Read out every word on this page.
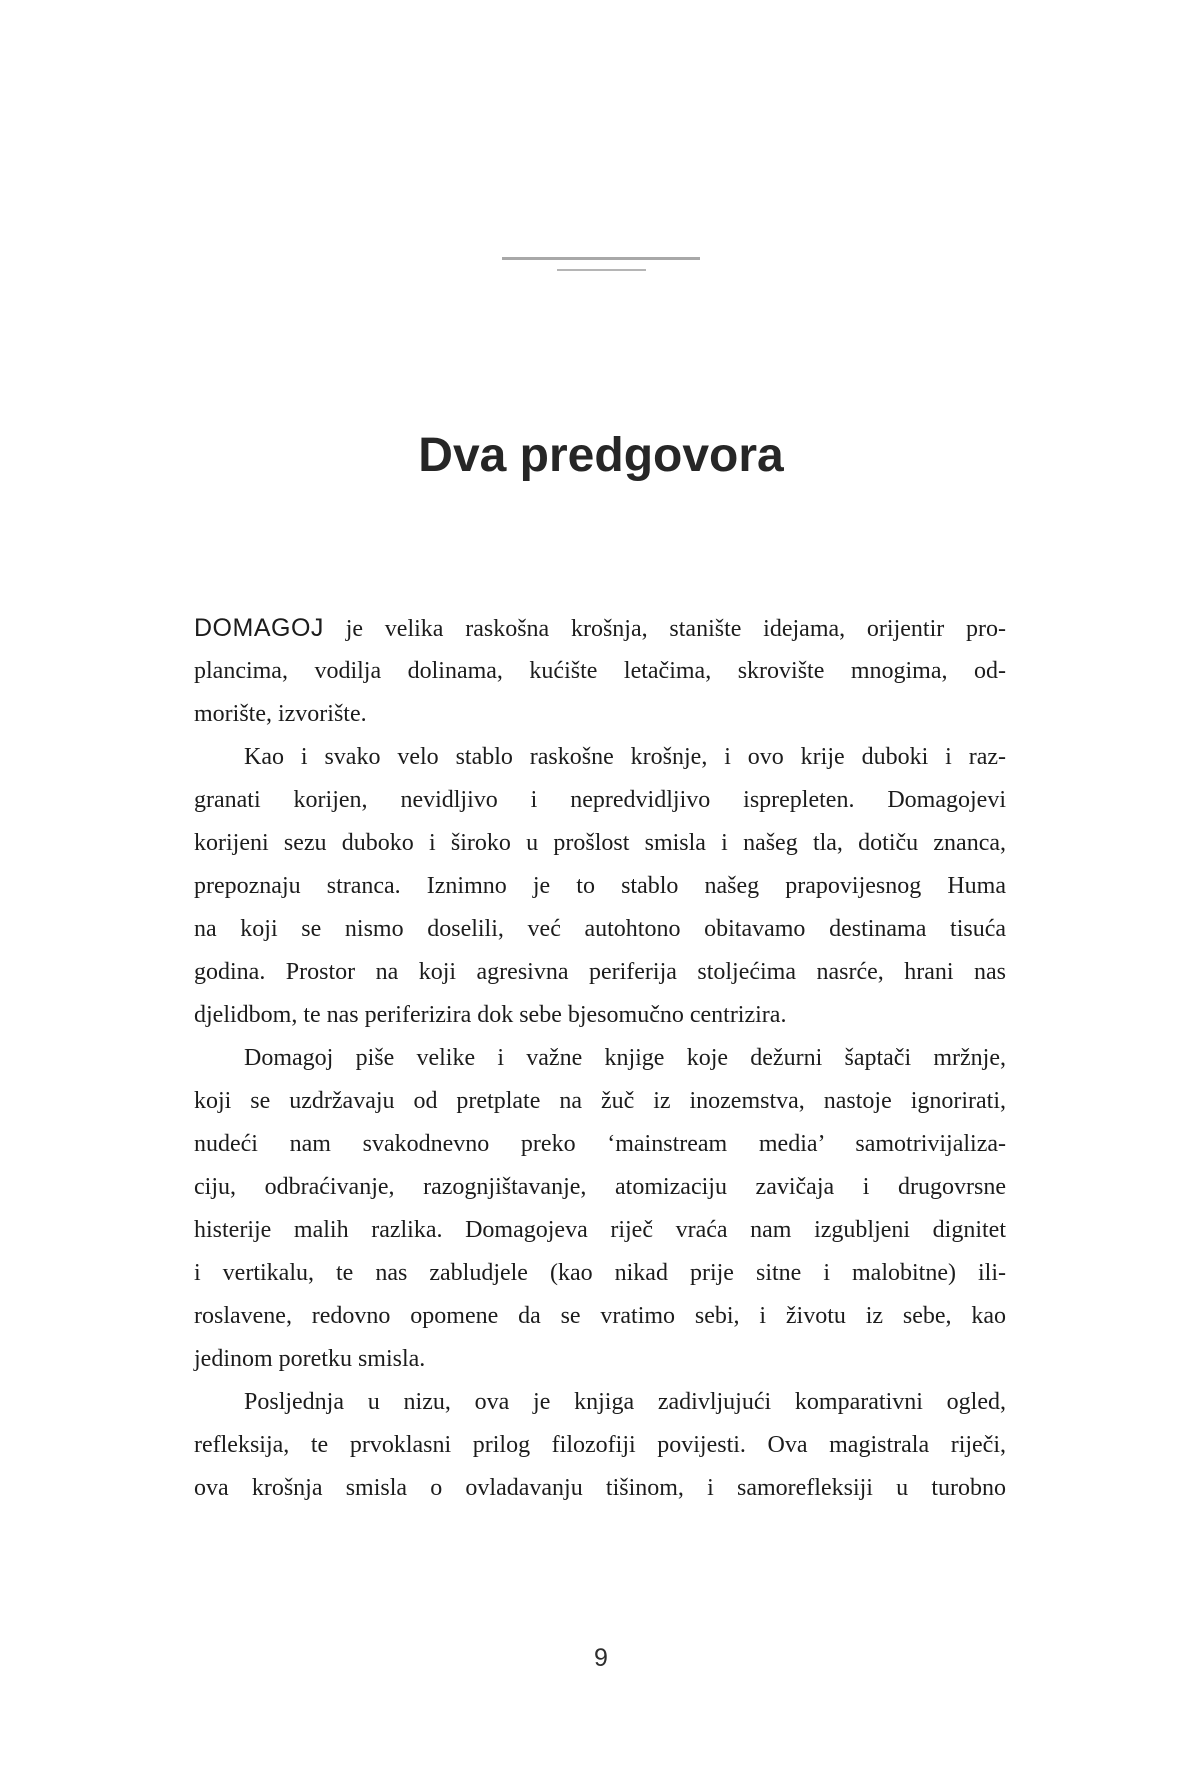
Dva predgovora
DOMAGOJ je velika raskošna krošnja, stanište idejama, orijentir pro-
plancima, vodilja dolinama, kućište letačima, skrovište mnogima, od-
morište, izvorište.
Kao i svako velo stablo raskošne krošnje, i ovo krije duboki i raz-
granati korijen, nevidljivo i nepredvidljivo isprepleten. Domagojevi
korijeni sezu duboko i široko u prošlost smisla i našeg tla, dotiču znanca,
prepoznaju stranca. Iznimno je to stablo našeg prapovijesnog Huma
na koji se nismo doselili, već autohtono obitavamo destinama tisuća
godina. Prostor na koji agresivna periferija stoljećima nasrće, hrani nas
djelidbom, te nas periferizira dok sebe bjesomučno centrizira.
Domagoj piše velike i važne knjige koje dežurni šaptači mržnje,
koji se uzdržavaju od pretplate na žuč iz inozemstva, nastoje ignorirati,
nudeći nam svakodnevno preko ‘mainstream media’ samotrivijaliza-
ciju, odbraćivanje, razognjištavanje, atomizaciju zavičaja i drugovrsne
histerije malih razlika. Domagojeva riječ vraća nam izgubljeni dignitet
i vertikalu, te nas zabludjele (kao nikad prije sitne i malobitne) ili-
roslavene, redovno opomene da se vratimo sebi, i životu iz sebe, kao
jedinom poretku smisla.
Posljednja u nizu, ova je knjiga zadivljujući komparativni ogled,
refleksija, te prvoklasni prilog filozofiji povijesti. Ova magistrala riječi,
ova krošnja smisla o ovladavanju tišinom, i samorefleksiji u turobno
9
